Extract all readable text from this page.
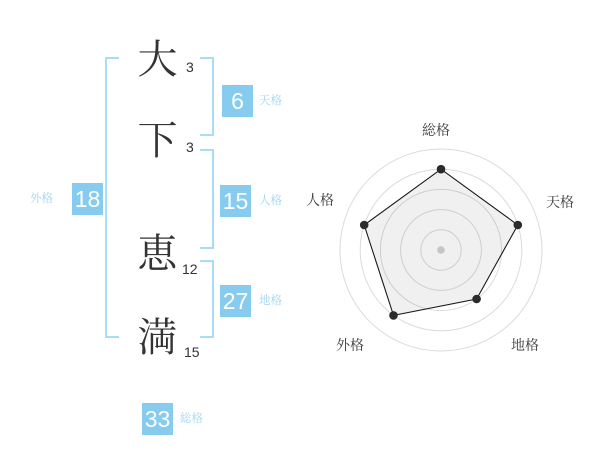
大
下
恵
満
3
3
12
15
6	天格
15 人格
27 地格
外格 18
33 総格
総格
天格
地格
外格
人格
